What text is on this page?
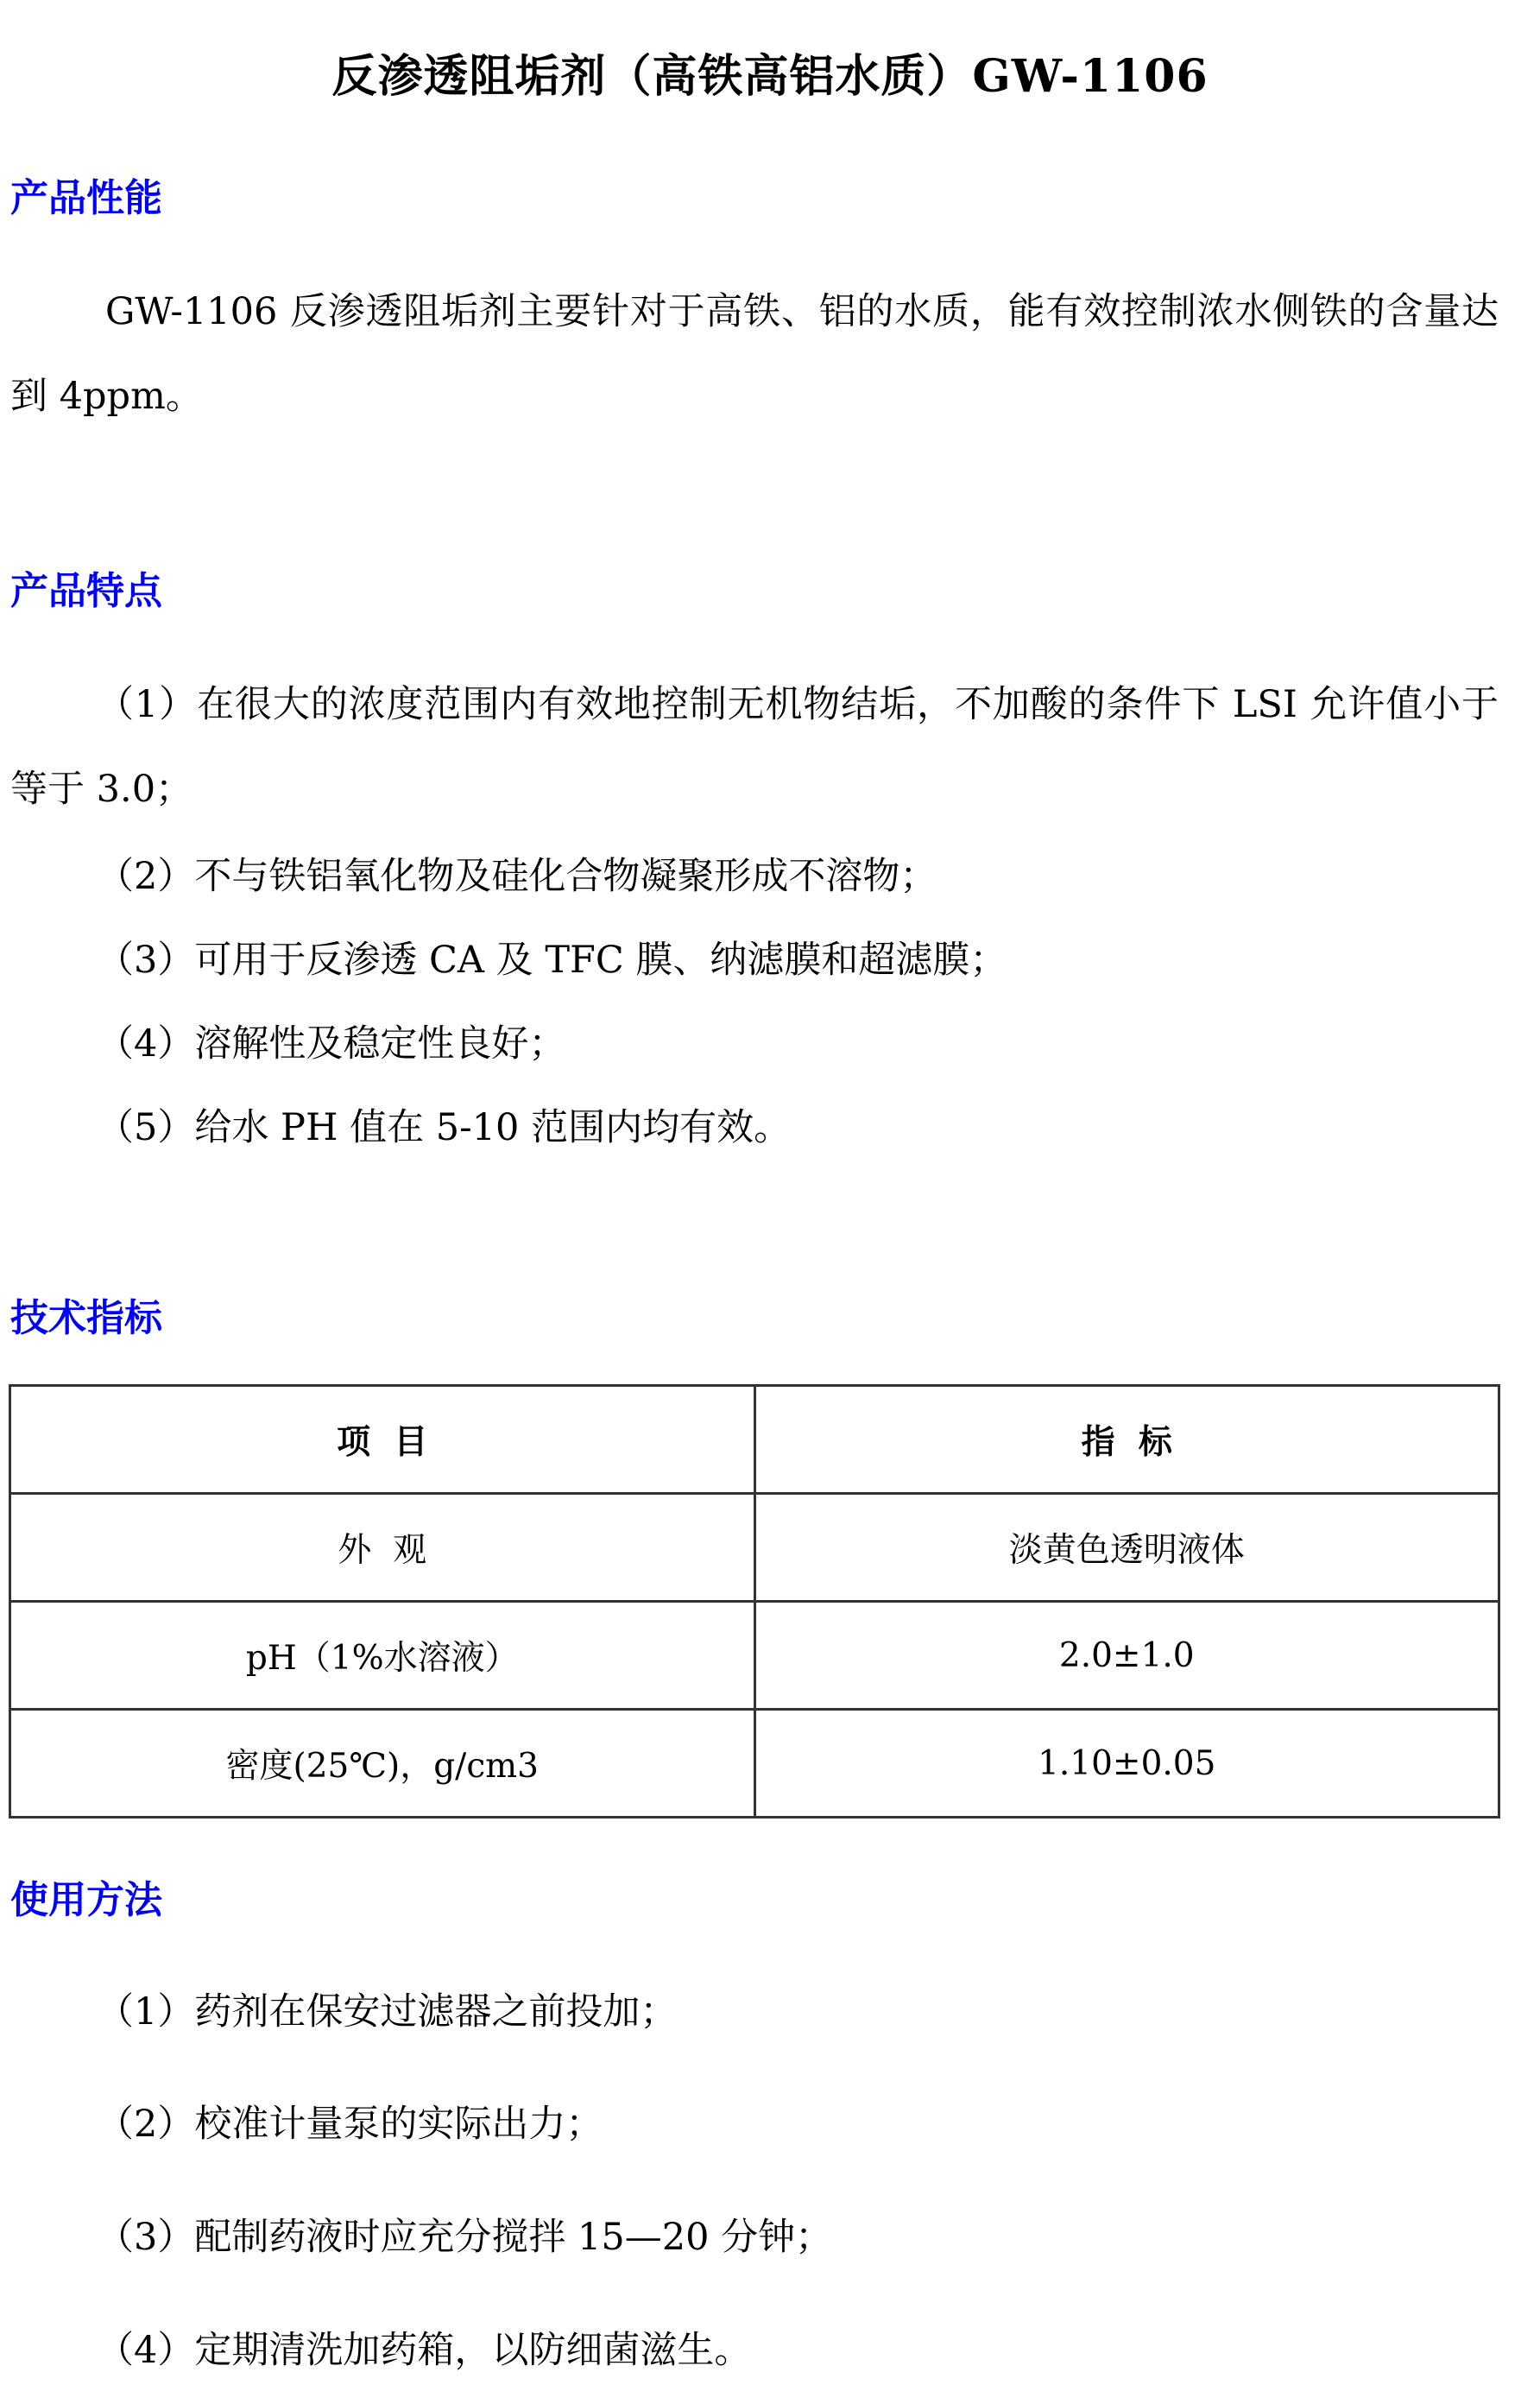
反渗透阻垢剂（高铁高铝水质）GW-1106
产品性能

GW-1106 反渗透阻垢剂主要针对于高铁、铝的水质，能有效控制浓水侧铁的含量达到 4ppm。

产品特点

（1）在很大的浓度范围内有效地控制无机物结垢，不加酸的条件下 LSI 允许值小于等于 3.0；

（2）不与铁铝氧化物及硅化合物凝聚形成不溶物；

（3）可用于反渗透 CA 及 TFC 膜、纳滤膜和超滤膜；

（4）溶解性及稳定性良好；

（5）给水 PH 值在 5-10 范围内均有效。

技术指标
项  目	指  标
外  观	淡黄色透明液体
pH（1%水溶液）	2.0±1.0
密度(25℃)，g/cm3	1.10±0.05
使用方法

（1）药剂在保安过滤器之前投加；

（2）校准计量泵的实际出力；

（3）配制药液时应充分搅拌 15—20 分钟；

（4）定期清洗加药箱，以防细菌滋生。
